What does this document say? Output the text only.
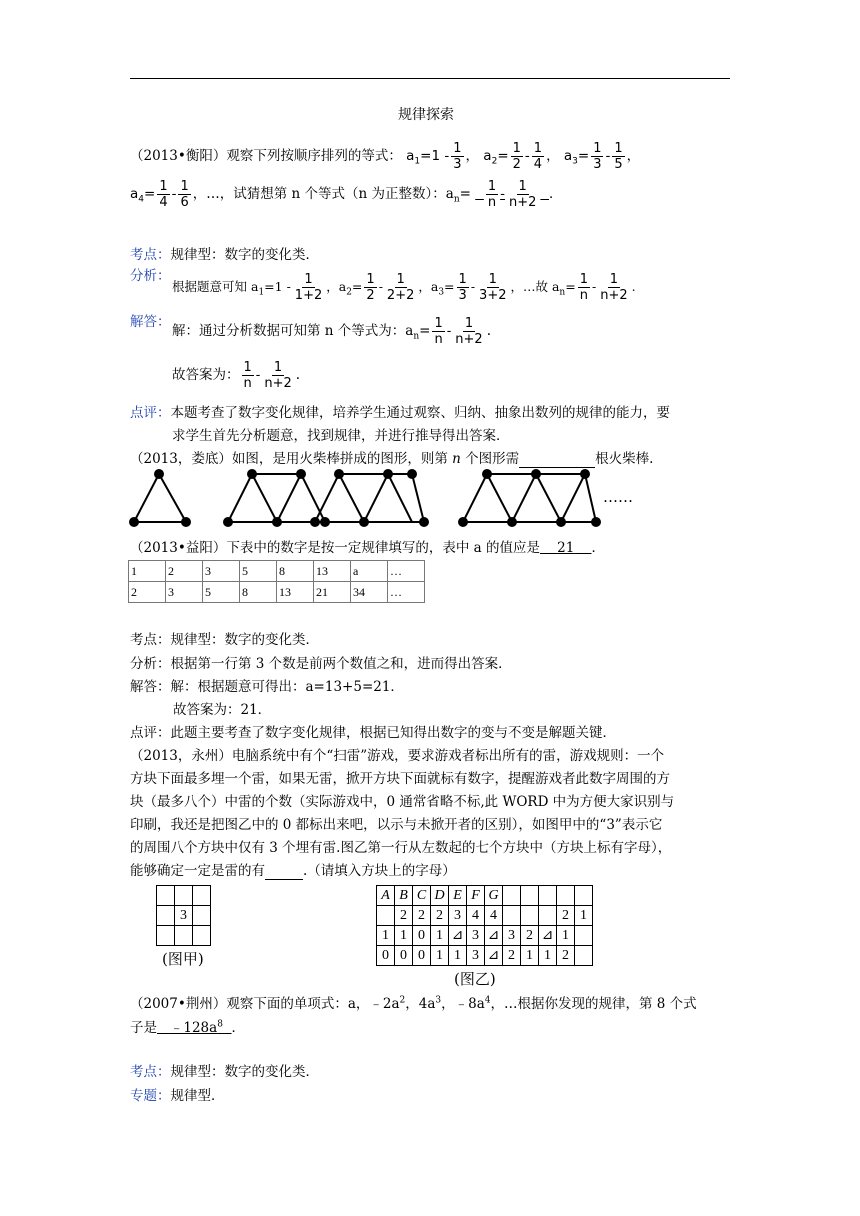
规律探索
（2013•衡阳）观察下列按顺序排列的等式： $a_1=1 - \frac{1}{3}$ ， $a_2= \frac{1}{2} - \frac{1}{4}$ ， $a_3= \frac{1}{3} - \frac{1}{5}$ ，
$a_4= \frac{1}{4} - \frac{1}{6}$ ，…，试猜想第 n 个等式（n 为正整数）：$a_n= \frac{1}{n} - \frac{1}{n+2}$ ．
考点：规律型：数字的变化类．
分析：
根据题意可知 $a_1=1 - \frac{1}{1+2}$ ，$a_2= \frac{1}{2} - \frac{1}{2+2}$ ，$a_3= \frac{1}{3} - \frac{1}{3+2}$ ，…故 $a_n= \frac{1}{n} - \frac{1}{n+2}$ .
解答：
解：通过分析数据可知第 n 个等式为：$a_n= \frac{1}{n} - \frac{1}{n+2}$ .
故答案为： $\frac{1}{n} - \frac{1}{n+2}$ .
点评：本题考查了数字变化规律，培养学生通过观察、归纳、抽象出数列的规律的能力，要
求学生首先分析题意，找到规律，并进行推导得出答案．
（2013，娄底）如图，是用火柴棒拼成的图形，则第 n 个图形需	根火柴棒.
……
（2013•益阳）下表中的数字是按一定规律填写的，表中 a 的值应是 21 ．
1	2	3	5	8	13	a	…
2	3	5	8	13	21	34	…
考点：规律型：数字的变化类．
分析：根据第一行第 3 个数是前两个数值之和，进而得出答案．
解答：解：根据题意可得出：a=13+5=21．
故答案为：21．
点评：此题主要考查了数字变化规律，根据已知得出数字的变与不变是解题关键．
（2013，永州）电脑系统中有个“扫雷”游戏，要求游戏者标出所有的雷，游戏规则：一个
方块下面最多埋一个雷，如果无雷，掀开方块下面就标有数字，提醒游戏者此数字周围的方
块（最多八个）中雷的个数（实际游戏中，0 通常省略不标,此 WORD 中为方便大家识别与
印刷，我还是把图乙中的 0 都标出来吧，以示与未掀开者的区别），如图甲中的“3”表示它
的周围八个方块中仅有 3 个埋有雷.图乙第一行从左数起的七个方块中（方块上标有字母），
能够确定一定是雷的有	.（请填入方块上的字母）

	3	

(图甲)
A	B	C	D	E	F	G					
	2	2	2	3	4	4				2	1
1	1	0	1	⊿	3	⊿	3	2	⊿	1	
0	0	0	1	1	3	⊿	2	1	1	2	
(图乙)
（2007•荆州）观察下面的单项式：a，$﹣2a^2$，$4a^3$，$﹣8a^4$，…根据你发现的规律，第 8 个式
子是 $﹣128a^8$ ．
考点：规律型：数字的变化类．
专题：规律型．
